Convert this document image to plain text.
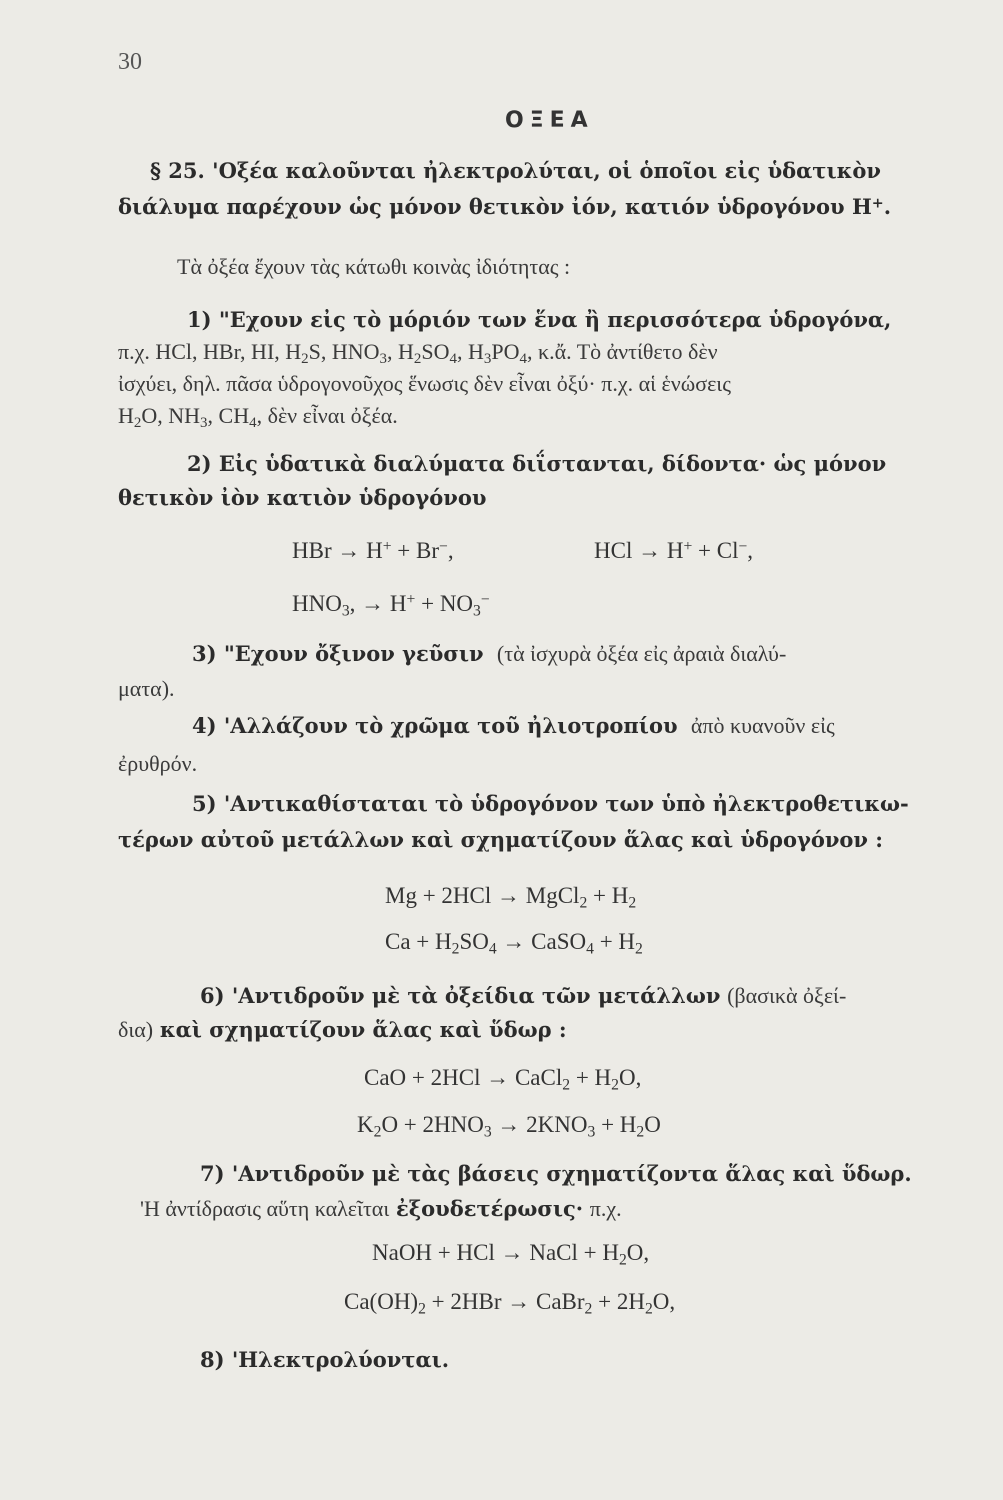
30
ΟΞΕΑ
§ 25. 'Οξέα καλοῦνται ἠλεκτρολύται, οἱ ὁποῖοι εἰς ὑδατικὸν
διάλυμα παρέχουν ὡς μόνον θετικὸν ἰόν, κατιόν ὑδρογόνου H+.
Τὰ ὀξέα ἔχουν τὰς κάτωθι κοινὰς ἰδιότητας :
1) "Εχουν εἰς τὸ μόριόν των ἕνα ἢ περισσότερα ὑδρογόνα,
π.χ. HCl, HBr, HI, $H_2S$, $HNO_3$, $H_2SO_4$, $H_3PO_4$, κ.ἄ. Τὸ ἀντίθετο δὲν
ἰσχύει, δηλ. πᾶσα ὑδρογονοῦχος ἕνωσις δὲν εἶναι ὀξύ· π.χ. αἱ ἑνώσεις
$H_2O$, $NH_3$, $CH_4$, δὲν εἶναι ὀξέα.
2) Εἰς ὑδατικὰ διαλύματα διΐστανται, δίδοντα· ὡς μόνον
θετικὸν ἰὸν κατιὸν ὑδρογόνου
HBr → H+ + Br−,	HCl → H+ + Cl−,
$HNO_3$, → $H^+ + NO_3^-$
3) "Εχουν ὄξινον γεῦσιν (τὰ ἰσχυρὰ ὀξέα εἰς ἀραιὰ διαλύ-
ματα).
4) 'Αλλάζουν τὸ χρῶμα τοῦ ἠλιοτροπίου ἀπὸ κυανοῦν εἰς
ἐρυθρόν.
5) 'Αντικαθίσταται τὸ ὑδρογόνον των ὑπὸ ἠλεκτροθετικω-
τέρων αὐτοῦ μετάλλων καὶ σχηματίζουν ἅλας καὶ ὑδρογόνον :
Mg + 2HCl → MgCl$_2$ + $H_2$
$Ca + H_2SO_4$ → CaSO$_4$ + $H_2$
6) 'Αντιδροῦν μὲ τὰ ὀξείδια τῶν μετάλλων (βασικὰ ὀξεί-
δια) καὶ σχηματίζουν ἅλας καὶ ὕδωρ :
CaO + 2HCl → CaCl$_2$ + $H_2O$,
$K_2O + 2HNO_3 \to 2KNO_3 + H_2O$
7) 'Αντιδροῦν μὲ τὰς βάσεις σχηματίζοντα ἅλας καὶ ὕδωρ.
'Η ἀντίδρασις αὕτη καλεῖται ἐξουδετέρωσις· π.χ.
NaOH + HCl → NaCl + $H_2O$,
$Ca(OH)_2 + 2HBr$ → CaBr$_2$ + $2H_2O$,
8) 'Ηλεκτρολύονται.
